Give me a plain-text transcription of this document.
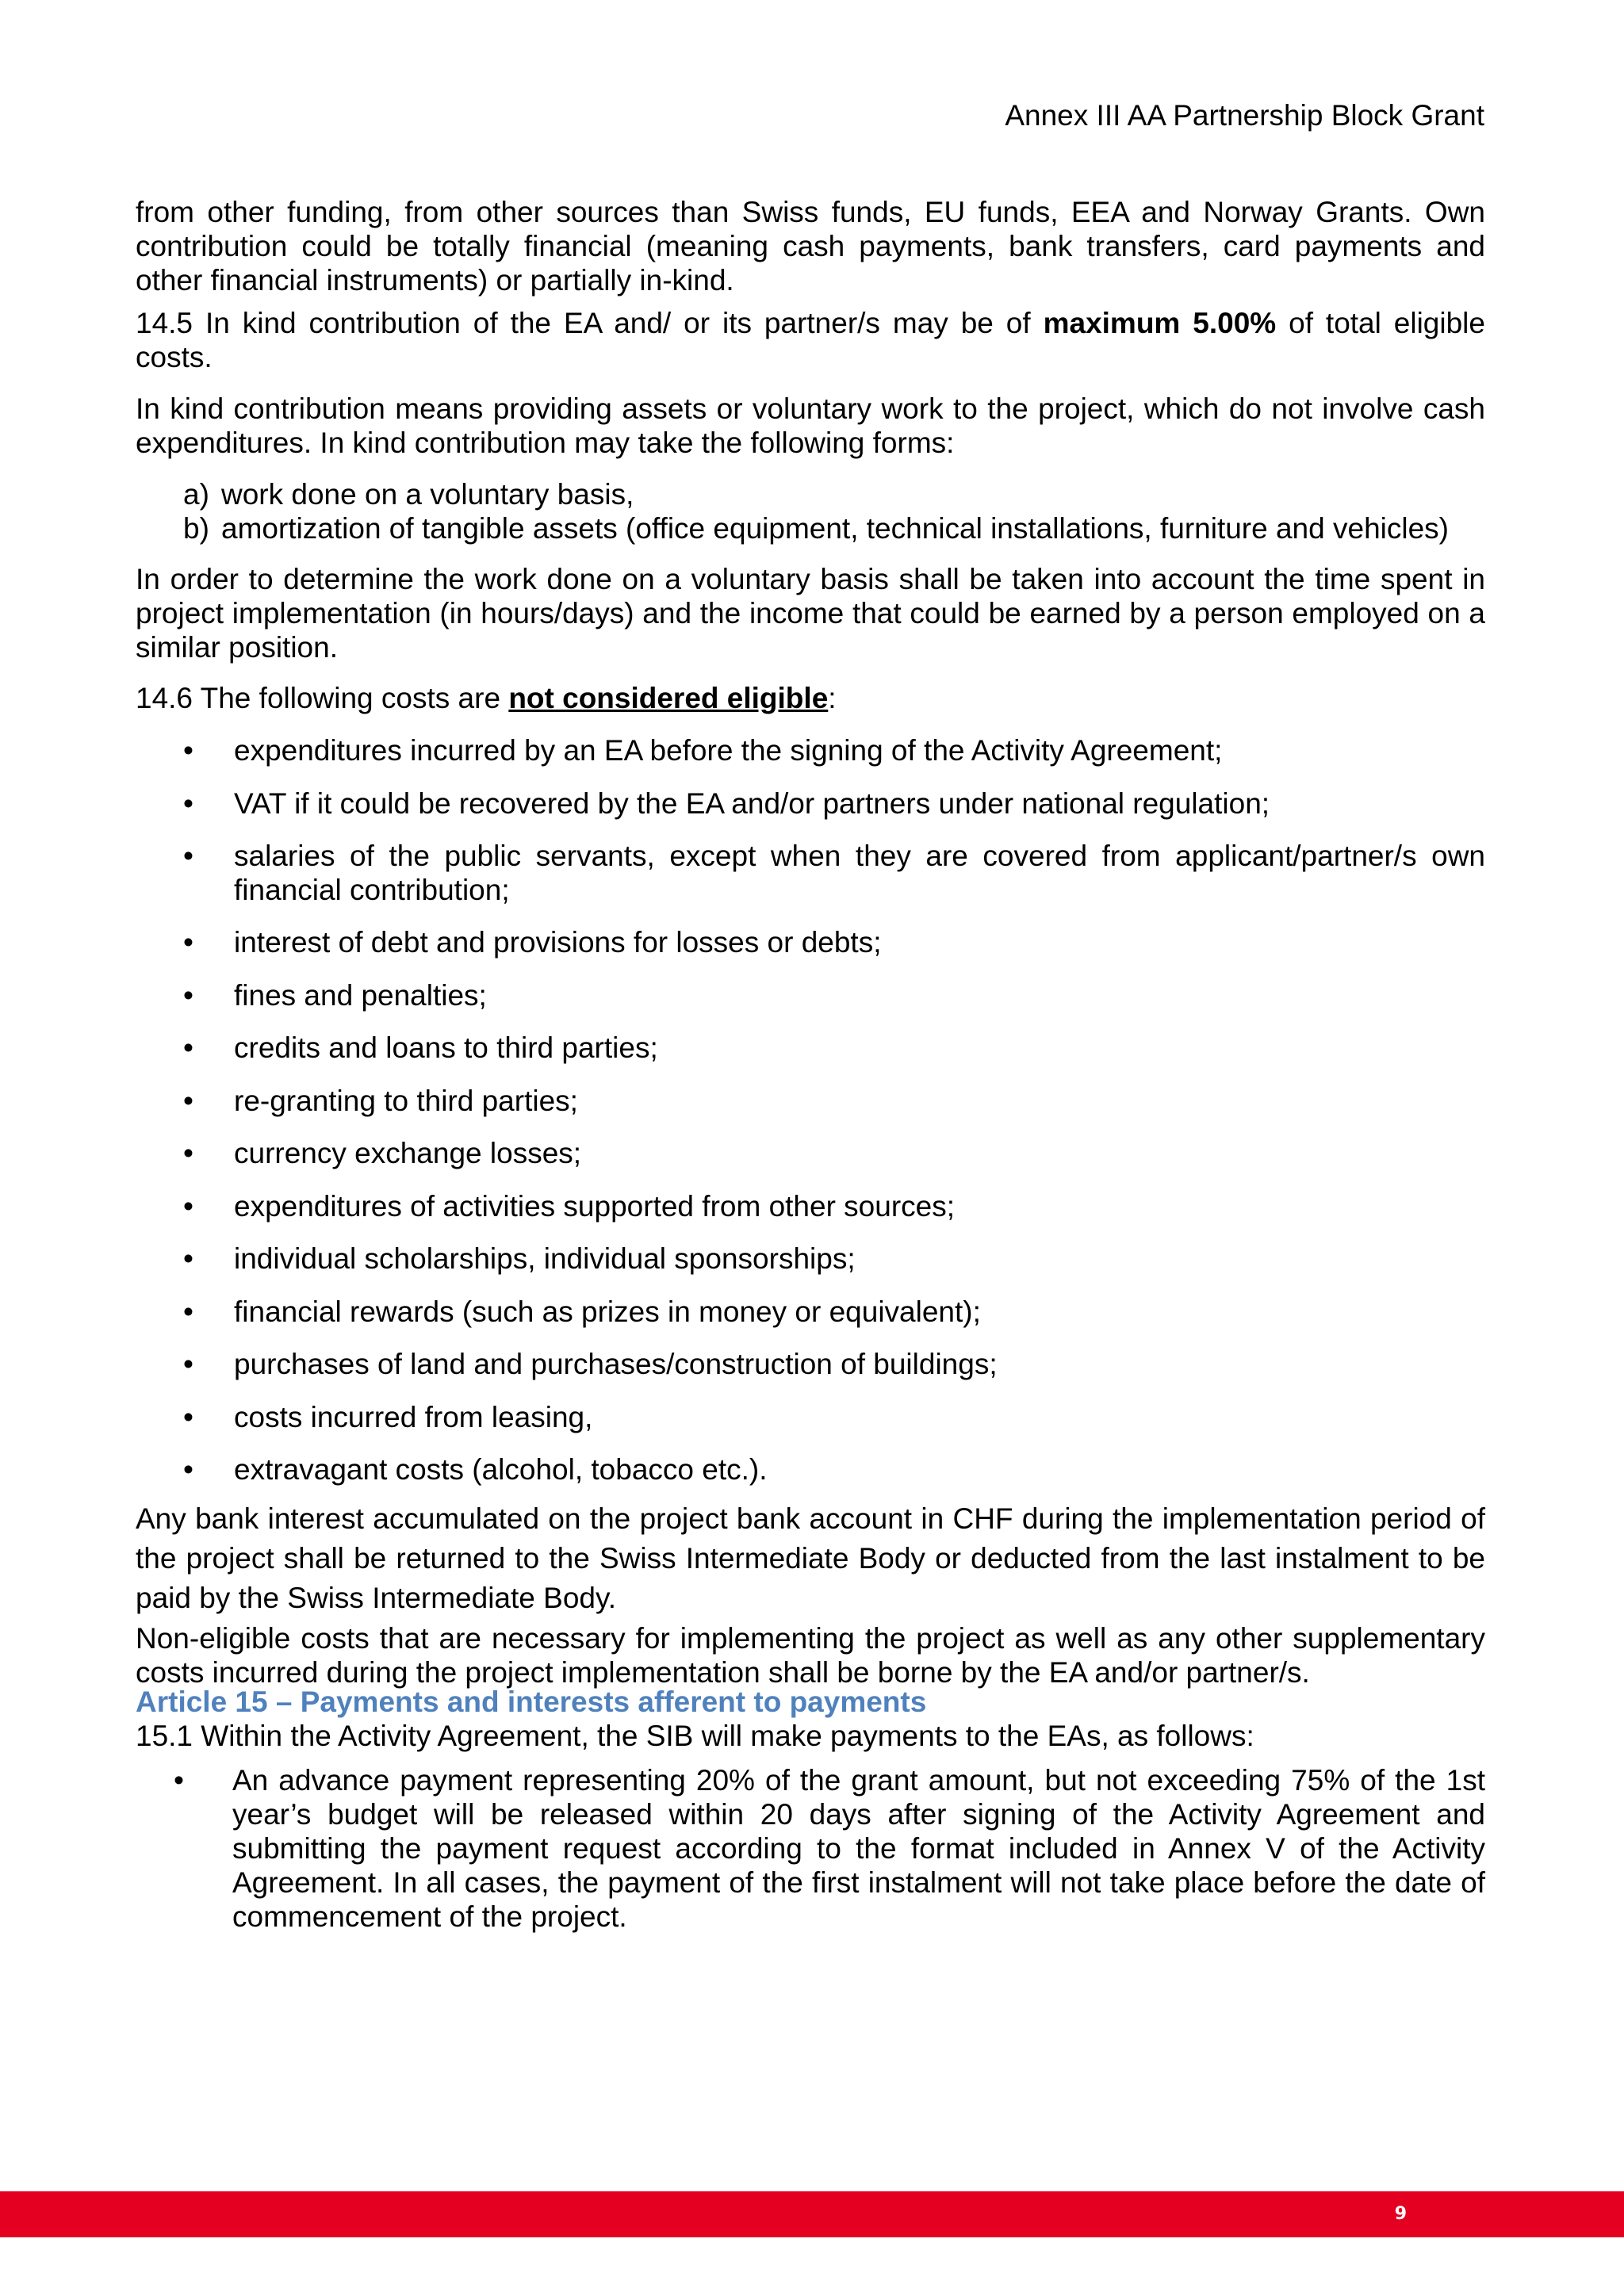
Annex III AA Partnership Block Grant

from other funding, from other sources than Swiss funds, EU funds, EEA and Norway Grants. Own contribution could be totally financial (meaning cash payments, bank transfers, card payments and other financial instruments) or partially in-kind.

14.5 In kind contribution of the EA and/ or its partner/s may be of maximum 5.00% of total eligible costs.

In kind contribution means providing assets or voluntary work to the project, which do not involve cash expenditures. In kind contribution may take the following forms:

a) work done on a voluntary basis,
b) amortization of tangible assets (office equipment, technical installations, furniture and vehicles)

In order to determine the work done on a voluntary basis shall be taken into account the time spent in project implementation (in hours/days) and the income that could be earned by a person employed on a similar position.

14.6 The following costs are not considered eligible:

• expenditures incurred by an EA before the signing of the Activity Agreement;
• VAT if it could be recovered by the EA and/or partners under national regulation;
• salaries of the public servants, except when they are covered from applicant/partner/s own financial contribution;
• interest of debt and provisions for losses or debts;
• fines and penalties;
• credits and loans to third parties;
• re-granting to third parties;
• currency exchange losses;
• expenditures of activities supported from other sources;
• individual scholarships, individual sponsorships;
• financial rewards (such as prizes in money or equivalent);
• purchases of land and purchases/construction of buildings;
• costs incurred from leasing,
• extravagant costs (alcohol, tobacco etc.).

Any bank interest accumulated on the project bank account in CHF during the implementation period of the project shall be returned to the Swiss Intermediate Body or deducted from the last instalment to be paid by the Swiss Intermediate Body.

Non-eligible costs that are necessary for implementing the project as well as any other supplementary costs incurred during the project implementation shall be borne by the EA and/or partner/s.

Article 15 – Payments and interests afferent to payments

15.1 Within the Activity Agreement, the SIB will make payments to the EAs, as follows:

• An advance payment representing 20% of the grant amount, but not exceeding 75% of the 1st year’s budget will be released within 20 days after signing of the Activity Agreement and submitting the payment request according to the format included in Annex V of the Activity Agreement. In all cases, the payment of the first instalment will not take place before the date of commencement of the project.
9
